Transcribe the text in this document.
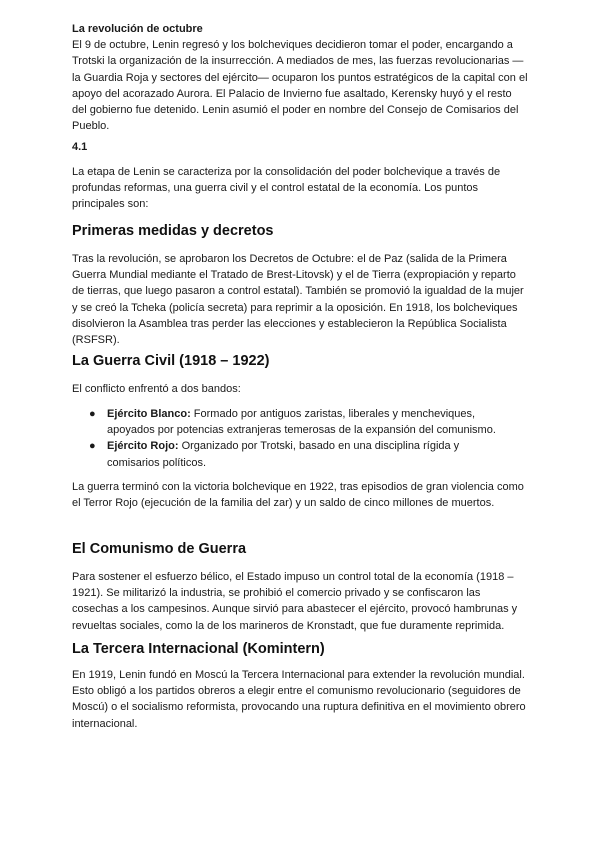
La revolución de octubre
El 9 de octubre, Lenin regresó y los bolcheviques decidieron tomar el poder, encargando a Trotski la organización de la insurrección. A mediados de mes, las fuerzas revolucionarias —la Guardia Roja y sectores del ejército— ocuparon los puntos estratégicos de la capital con el apoyo del acorazado Aurora. El Palacio de Invierno fue asaltado, Kerensky huyó y el resto del gobierno fue detenido. Lenin asumió el poder en nombre del Consejo de Comisarios del Pueblo.
4.1

La etapa de Lenin se caracteriza por la consolidación del poder bolchevique a través de profundas reformas, una guerra civil y el control estatal de la economía. Los puntos principales son:

Primeras medidas y decretos

Tras la revolución, se aprobaron los Decretos de Octubre: el de Paz (salida de la Primera Guerra Mundial mediante el Tratado de Brest-Litovsk) y el de Tierra (expropiación y reparto de tierras, que luego pasaron a control estatal). También se promovió la igualdad de la mujer y se creó la Tcheka (policía secreta) para reprimir a la oposición. En 1918, los bolcheviques disolvieron la Asamblea tras perder las elecciones y establecieron la República Socialista (RSFSR).

La Guerra Civil (1918 – 1922)

El conflicto enfrentó a dos bandos:

● Ejército Blanco: Formado por antiguos zaristas, liberales y mencheviques, apoyados por potencias extranjeras temerosas de la expansión del comunismo.
● Ejército Rojo: Organizado por Trotski, basado en una disciplina rígida y comisarios políticos.

La guerra terminó con la victoria bolchevique en 1922, tras episodios de gran violencia como el Terror Rojo (ejecución de la familia del zar) y un saldo de cinco millones de muertos.

El Comunismo de Guerra

Para sostener el esfuerzo bélico, el Estado impuso un control total de la economía (1918 – 1921). Se militarizó la industria, se prohibió el comercio privado y se confiscaron las cosechas a los campesinos. Aunque sirvió para abastecer el ejército, provocó hambrunas y revueltas sociales, como la de los marineros de Kronstadt, que fue duramente reprimida.

La Tercera Internacional (Komintern)

En 1919, Lenin fundó en Moscú la Tercera Internacional para extender la revolución mundial. Esto obligó a los partidos obreros a elegir entre el comunismo revolucionario (seguidores de Moscú) o el socialismo reformista, provocando una ruptura definitiva en el movimiento obrero internacional.
